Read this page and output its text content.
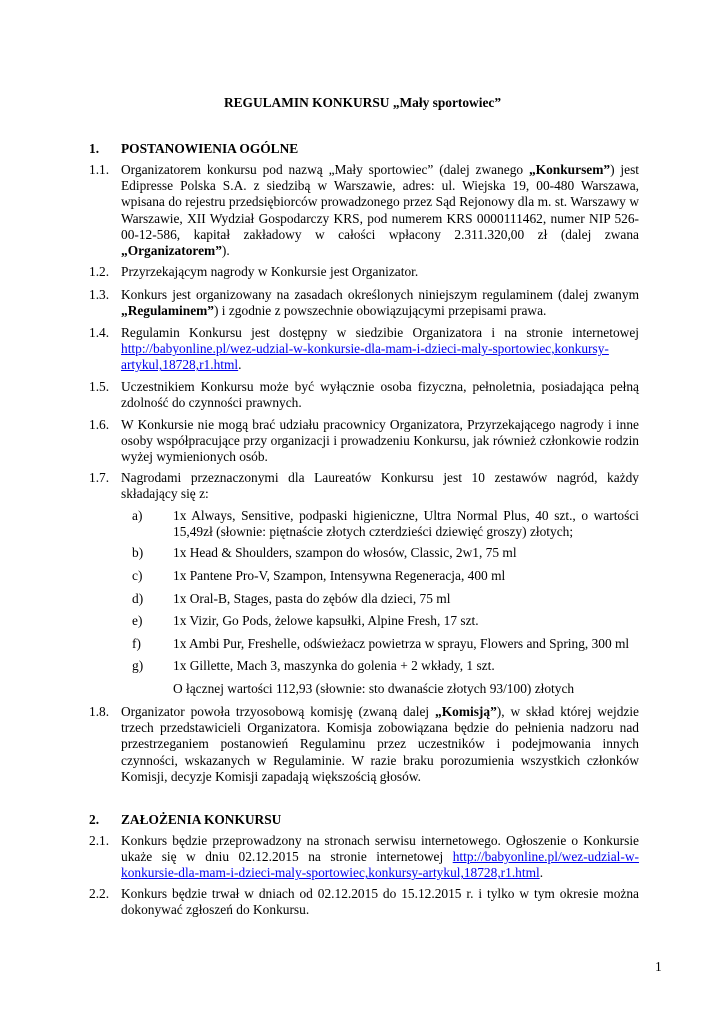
REGULAMIN KONKURSU „Mały sportowiec”
1. POSTANOWIENIA OGÓLNE
1.1. Organizatorem konkursu pod nazwą „Mały sportowiec” (dalej zwanego „Konkursem”) jest Edipresse Polska S.A. z siedzibą w Warszawie, adres: ul. Wiejska 19, 00-480 Warszawa, wpisana do rejestru przedsiębiorców prowadzonego przez Sąd Rejonowy dla m. st. Warszawy w Warszawie, XII Wydział Gospodarczy KRS, pod numerem KRS 0000111462, numer NIP 526-00-12-586, kapitał zakładowy w całości wpłacony 2.311.320,00 zł (dalej zwana „Organizatorem”).
1.2. Przyrzekającym nagrody w Konkursie jest Organizator.
1.3. Konkurs jest organizowany na zasadach określonych niniejszym regulaminem (dalej zwanym „Regulaminem”) i zgodnie z powszechnie obowiązującymi przepisami prawa.
1.4. Regulamin Konkursu jest dostępny w siedzibie Organizatora i na stronie internetowej http://babyonline.pl/wez-udzial-w-konkursie-dla-mam-i-dzieci-maly-sportowiec,konkursy-artykul,18728,r1.html.
1.5. Uczestnikiem Konkursu może być wyłącznie osoba fizyczna, pełnoletnia, posiadająca pełną zdolność do czynności prawnych.
1.6. W Konkursie nie mogą brać udziału pracownicy Organizatora, Przyrzekającego nagrody i inne osoby współpracujące przy organizacji i prowadzeniu Konkursu, jak również członkowie rodzin wyżej wymienionych osób.
1.7. Nagrodami przeznaczonymi dla Laureatów Konkursu jest 10 zestawów nagród, każdy składający się z:
a) 1x Always, Sensitive, podpaski higieniczne, Ultra Normal Plus, 40 szt., o wartości 15,49zł (słownie: piętnaście złotych czterdzieści dziewięć groszy) złotych;
b) 1x Head & Shoulders, szampon do włosów, Classic, 2w1, 75 ml
c) 1x Pantene Pro-V, Szampon, Intensywna Regeneracja, 400 ml
d) 1x Oral-B, Stages, pasta do zębów dla dzieci, 75 ml
e) 1x Vizir, Go Pods, żelowe kapsułki, Alpine Fresh, 17 szt.
f) 1x Ambi Pur, Freshelle, odświeżacz powietrza w sprayu, Flowers and Spring, 300 ml
g) 1x Gillette, Mach 3, maszynka do golenia + 2 wkłady, 1 szt.
O łącznej wartości 112,93 (słownie: sto dwanaście złotych 93/100) złotych
1.8. Organizator powoła trzyosobową komisję (zwaną dalej „Komisją”), w skład której wejdzie trzech przedstawicieli Organizatora. Komisja zobowiązana będzie do pełnienia nadzoru nad przestrzeganiem postanowień Regulaminu przez uczestników i podejmowania innych czynności, wskazanych w Regulaminie. W razie braku porozumienia wszystkich członków Komisji, decyzje Komisji zapadają większością głosów.
2. ZAŁOŻENIA KONKURSU
2.1. Konkurs będzie przeprowadzony na stronach serwisu internetowego. Ogłoszenie o Konkursie ukaże się w dniu 02.12.2015 na stronie internetowej http://babyonline.pl/wez-udzial-w-konkursie-dla-mam-i-dzieci-maly-sportowiec,konkursy-artykul,18728,r1.html.
2.2. Konkurs będzie trwał w dniach od 02.12.2015 do 15.12.2015 r. i tylko w tym okresie można dokonywać zgłoszeń do Konkursu.
1
